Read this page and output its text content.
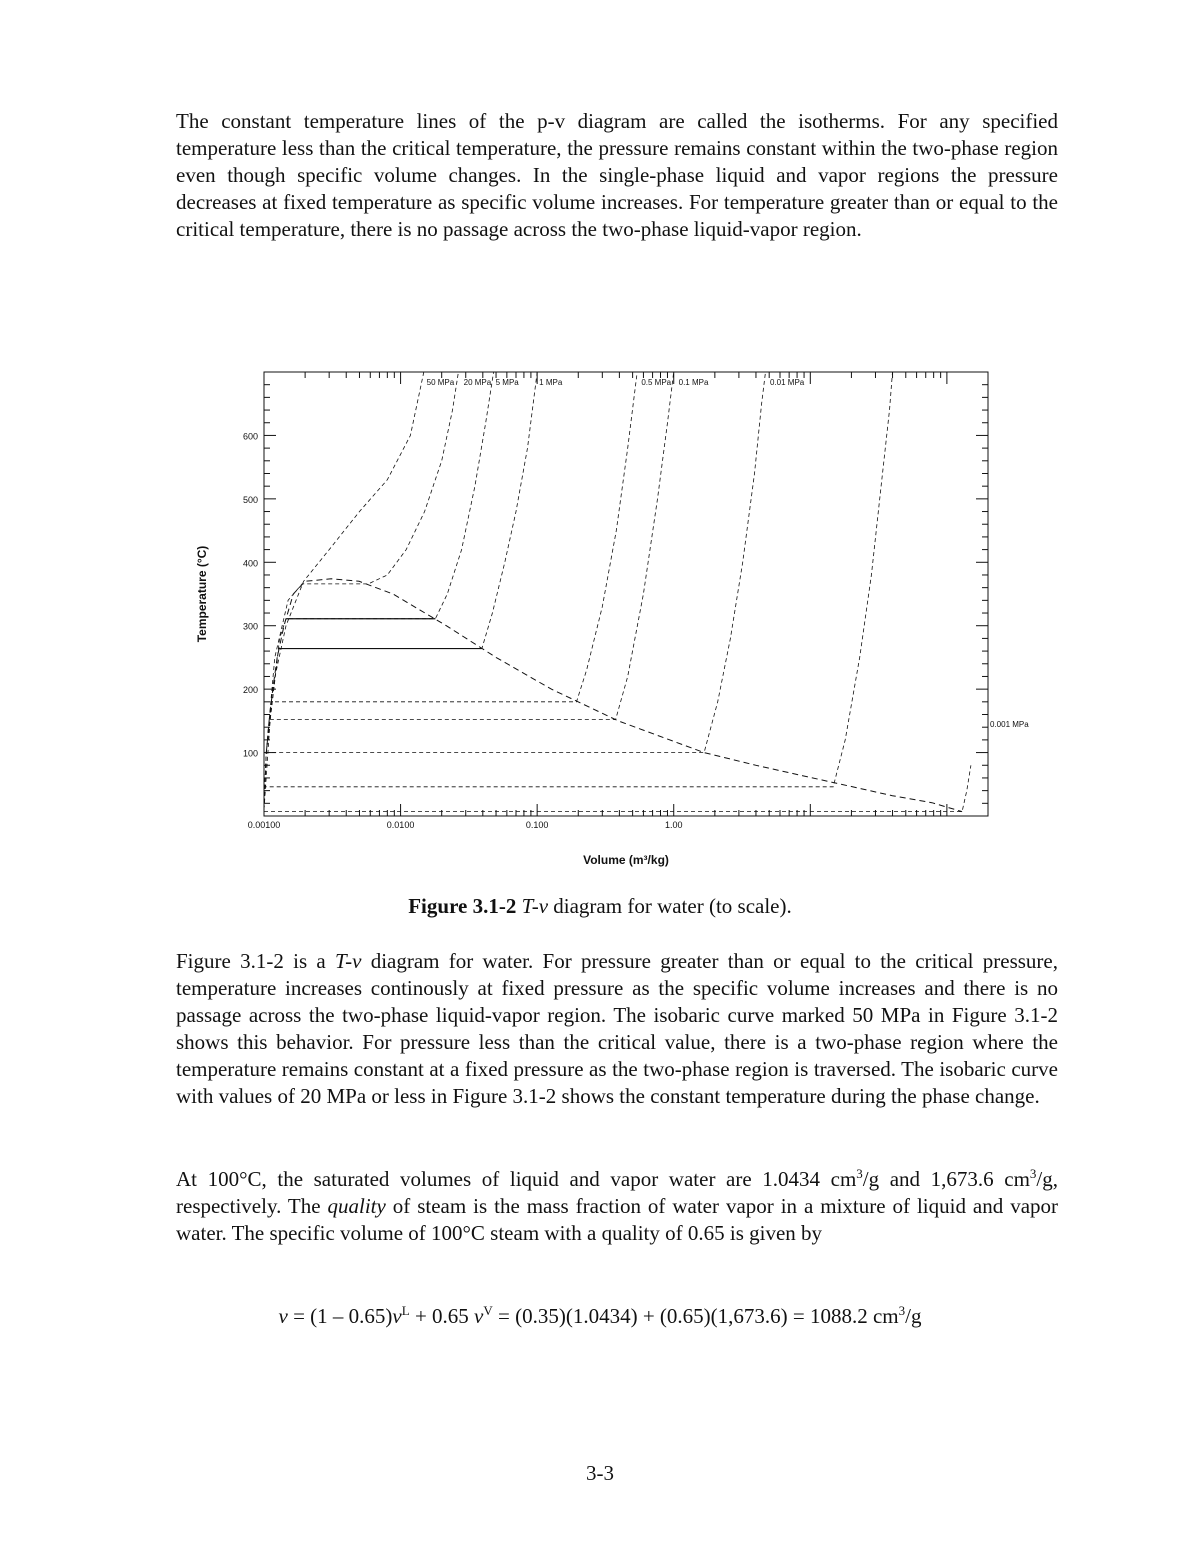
The constant temperature lines of the p-v diagram are called the isotherms. For any specified temperature less than the critical temperature, the pressure remains constant within the two-phase region even though specific volume changes. In the single-phase liquid and vapor regions the pressure decreases at fixed temperature as specific volume increases. For temperature greater than or equal to the critical temperature, there is no passage across the two-phase liquid-vapor region.

100
200
300
400
500
600
0.00100	0.0100	0.100	1.00
50 MPa 20 MPa 5 MPa	1 MPa	0.5 MPa 0.1 MPa	0.01 MPa
0.001 MPa
Temperature (°C)
Volume (m³/kg)
Figure 3.1-2 T-v diagram for water (to scale).

Figure 3.1-2 is a T-v diagram for water. For pressure greater than or equal to the critical pressure, temperature increases continously at fixed pressure as the specific volume increases and there is no passage across the two-phase liquid-vapor region. The isobaric curve marked 50 MPa in Figure 3.1-2 shows this behavior. For pressure less than the critical value, there is a two-phase region where the temperature remains constant at a fixed pressure as the two-phase region is traversed. The isobaric curve with values of 20 MPa or less in Figure 3.1-2 shows the constant temperature during the phase change.

At 100°C, the saturated volumes of liquid and vapor water are 1.0434 $cm^3/g$ and 1,673.6 $cm^3/g$, respectively. The quality of steam is the mass fraction of water vapor in a mixture of liquid and vapor water. The specific volume of 100°C steam with a quality of 0.65 is given by

$v = (1 - 0.65)v^L + 0.65$ $v^V = (0.35)(1.0434) + (0.65)(1,673.6) = 1088.2$ $cm^3/g$
3-3
